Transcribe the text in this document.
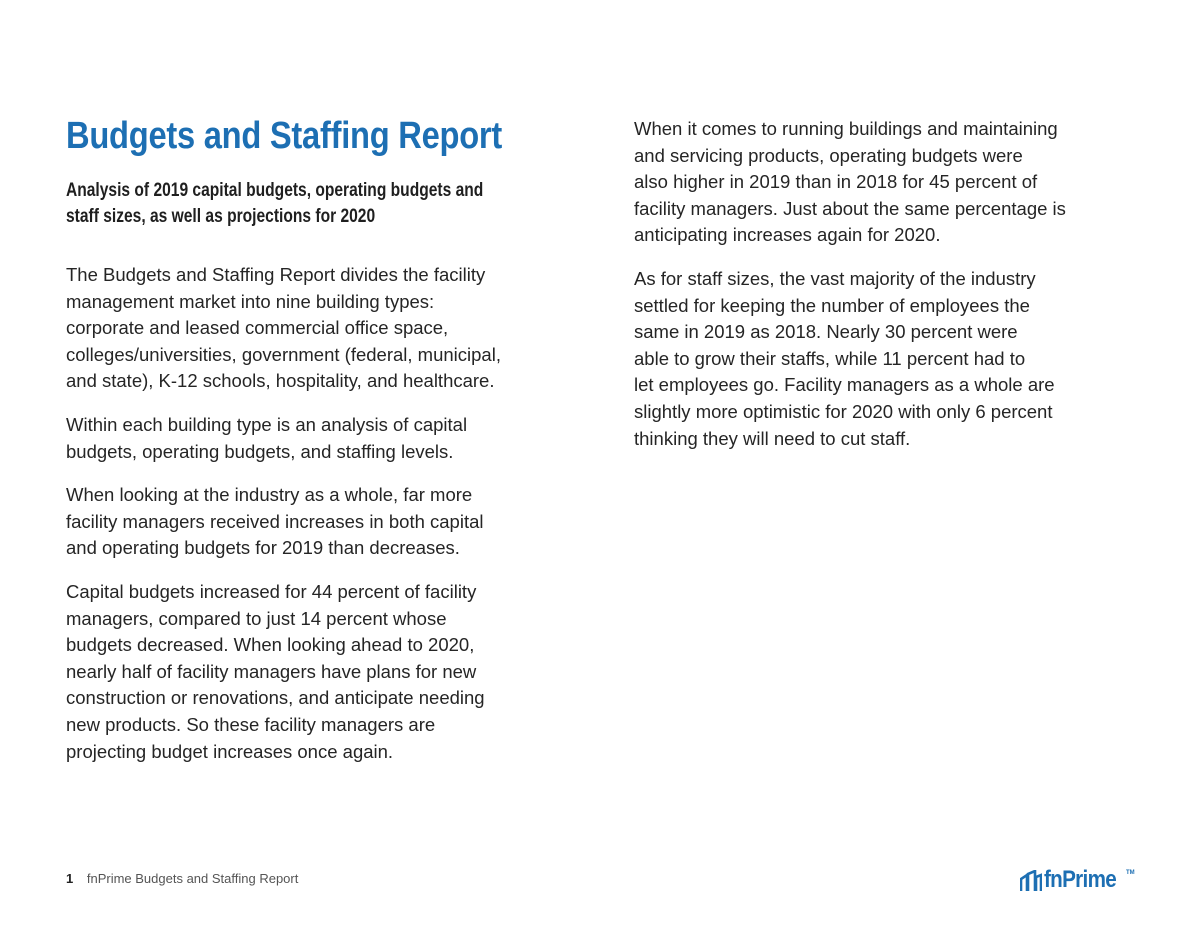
Budgets and Staffing Report
Analysis of 2019 capital budgets, operating budgets and
staff sizes, as well as projections for 2020

The Budgets and Staffing Report divides the facility
management market into nine building types:
corporate and leased commercial office space,
colleges/universities, government (federal, municipal,
and state), K-12 schools, hospitality, and healthcare.

Within each building type is an analysis of capital
budgets, operating budgets, and staffing levels.

When looking at the industry as a whole, far more
facility managers received increases in both capital
and operating budgets for 2019 than decreases.

Capital budgets increased for 44 percent of facility
managers, compared to just 14 percent whose
budgets decreased. When looking ahead to 2020,
nearly half of facility managers have plans for new
construction or renovations, and anticipate needing
new products. So these facility managers are
projecting budget increases once again.

When it comes to running buildings and maintaining
and servicing products, operating budgets were
also higher in 2019 than in 2018 for 45 percent of
facility managers. Just about the same percentage is
anticipating increases again for 2020.

As for staff sizes, the vast majority of the industry
settled for keeping the number of employees the
same in 2019 as 2018. Nearly 30 percent were
able to grow their staffs, while 11 percent had to
let employees go. Facility managers as a whole are
slightly more optimistic for 2020 with only 6 percent
thinking they will need to cut staff.

1 fnPrime Budgets and Staffing Report	fnPrime TM
